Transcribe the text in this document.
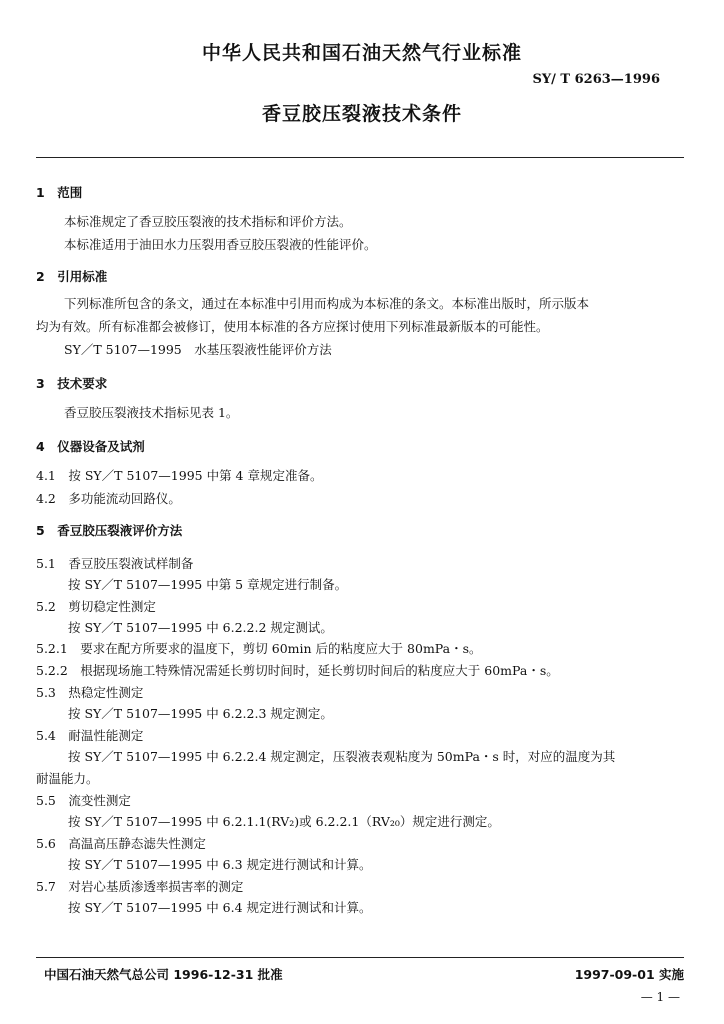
中华人民共和国石油天然气行业标准
SY/ T 6263—1996
香豆胶压裂液技术条件
1　范围
本标准规定了香豆胶压裂液的技术指标和评价方法。
本标准适用于油田水力压裂用香豆胶压裂液的性能评价。
2　引用标准
下列标准所包含的条文，通过在本标准中引用而构成为本标准的条文。本标准出版时，所示版本
均为有效。所有标准都会被修订，使用本标准的各方应探讨使用下列标准最新版本的可能性。
SY／T 5107—1995　水基压裂液性能评价方法
3　技术要求
香豆胶压裂液技术指标见表 1。
4　仪器设备及试剂
4.1　按 SY／T 5107—1995 中第 4 章规定准备。
4.2　多功能流动回路仪。
5　香豆胶压裂液评价方法
5.1　香豆胶压裂液试样制备
按 SY／T 5107—1995 中第 5 章规定进行制备。
5.2　剪切稳定性测定
按 SY／T 5107—1995 中 6.2.2.2 规定测试。
5.2.1　要求在配方所要求的温度下，剪切 60min 后的粘度应大于 80mPa・s。
5.2.2　根据现场施工特殊情况需延长剪切时间时，延长剪切时间后的粘度应大于 60mPa・s。
5.3　热稳定性测定
按 SY／T 5107—1995 中 6.2.2.3 规定测定。
5.4　耐温性能测定
按 SY／T 5107—1995 中 6.2.2.4 规定测定，压裂液表观粘度为 50mPa・s 时，对应的温度为其
耐温能力。
5.5　流变性测定
按 SY／T 5107—1995 中 6.2.1.1(RV₂)或 6.2.2.1（RV₂₀）规定进行测定。
5.6　高温高压静态滤失性测定
按 SY／T 5107—1995 中 6.3 规定进行测试和计算。
5.7　对岩心基质渗透率损害率的测定
按 SY／T 5107—1995 中 6.4 规定进行测试和计算。
中国石油天然气总公司 1996-12-31 批准	1997-09-01 实施
— 1 —
